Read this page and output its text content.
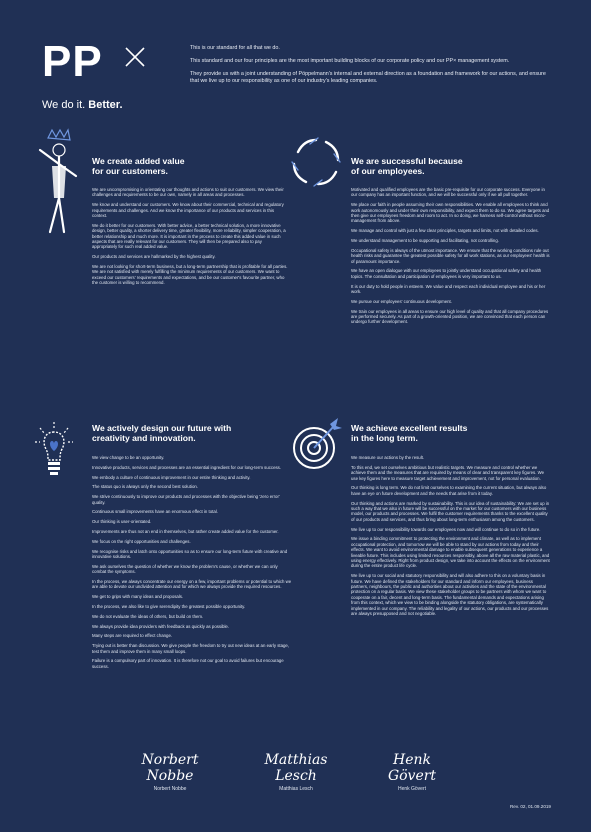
PP
We do it. Better.

This is our standard for all that we do.

This standard and our four principles are the most important building blocks of our corporate policy and our PP× management system.

They provide us with a joint understanding of Pöppelmann's internal and external direction as a foundation and framework for our actions, and ensure that we live up to our responsibility as one of our industry's leading companies.

We create added value
for our customers.

We are uncompromising in orientating our thoughts and actions to suit our customers. We view their challenges and requirements to be our own, namely in all areas and processes.

We know and understand our customers. We know about their commercial, technical and regulatory requirements and challenges. And we know the importance of our products and services in this context.

We do it better for our customers. With better advice, a better technical solution, a more innovative design, better quality, a shorter delivery time, greater flexibility, more reliability, simpler cooperation, a better relationship and much more. It is important in the process to create this added value in such aspects that are really relevant for our customers. They will then be prepared also to pay appropriately for such real added value.

Our products and services are hallmarked by the highest quality.

We are not looking for short-term business, but a long-term partnership that is profitable for all parties. We are not satisfied with merely fulfilling the minimum requirements of our customers. We want to exceed our customers' requirements and expectations, and be our customer's favourite partner, who the customer is willing to recommend.

We are successful because
of our employees.

Motivated and qualified employees are the basic pre-requisite for our corporate success. Everyone in our company has an important function, and we will be successful only if we all pull together.

We place our faith in people assuming their own responsibilities. We enable all employees to think and work autonomously and under their own responsibility, and expect them to do so. We agree targets and then give our employees freedom and room to act. In so doing, we harness self-control without micro-management from above.

We manage and control with just a few clear principles, targets and limits, not with detailed codes.

We understand management to be supporting and facilitating, not controlling.

Occupational safety is always of the utmost importance. We ensure that the working conditions rule out health risks and guarantee the greatest possible safety for all work stations, as our employees' health is of paramount importance.

We have an open dialogue with our employees to jointly understand occupational safety and health topics. The consultation and participation of employees is very important to us.

It is our duty to hold people in esteem. We value and respect each individual employee and his or her work.

We pursue our employees' continuous development.

We train our employees in all areas to ensure our high level of quality and that all company procedures are performed securely. As part of a growth-oriented position, we are convinced that each person can undergo further development.

We actively design our future with
creativity and innovation.

We view change to be an opportunity.

Innovative products, services and processes are an essential ingredient for our long-term success.

We embody a culture of continuous improvement in our entire thinking and activity.

The status quo is always only the second best solution.

We strive continuously to improve our products and processes with the objective being 'zero error' quality.

Continuous small improvements have an enormous effect in total.

Our thinking is user-orientated.

Improvements are thus not an end in themselves, but rather create added value for the customer.

We focus on the right opportunities and challenges.

We recognise risks and latch onto opportunities so as to ensure our long-term future with creative and innovative solutions.

We ask ourselves the question of whether we know the problem's cause, or whether we can only combat the symptoms.

In the process, we always concentrate our energy on a few, important problems or potential to which we are able to devote our undivided attention and for which we always provide the required resources.

We get to grips with many ideas and proposals.

In the process, we also like to give serendipity the greatest possible opportunity.

We do not evaluate the ideas of others, but build on them.

We always provide idea providers with feedback as quickly as possible.

Many steps are required to effect change.

Trying out is better than discussion. We give people the freedom to try out new ideas at an early stage, test them and improve them in many small loops.

Failure is a compulsory part of innovation. It is therefore not our goal to avoid failures but encourage success.

We achieve excellent results
in the long term.

We measure our actions by the result.

To this end, we set ourselves ambitious but realistic targets. We measure and control whether we achieve them and the measures that are required by means of clear and transparent key figures. We use key figures here to measure target achievement and improvement, not for personal evaluation.

Our thinking is long term. We do not limit ourselves to examining the current situation, but always also have an eye on future development and the needs that arise from it today.

Our thinking and actions are marked by sustainability. This is our idea of sustainability: We are set up in such a way that we also in future will be successful on the market for our customers with our business model, our products and processes. We fulfil the customer requirements thanks to the excellent quality of our products and services, and thus bring about long-term enthusiasm among the customers.

We live up to our responsibility towards our employees now and will continue to do so in the future.

We issue a binding commitment to protecting the environment and climate, as well as to implement occupational protection, and tomorrow we will be able to stand by our actions from today and their effects. We want to avoid environmental damage to enable subsequent generations to experience a liveable future. This includes using limited resources responsibly, above all the raw material plastic, and using energy effectively. Right from product design, we take into account the effects on the environment during the entire product life cycle.

We live up to our social and statutory responsibility and will also adhere to this on a voluntary basis in future. We have defined the stakeholders for our standard and inform our employees, business partners, neighbours, the public and authorities about our activities and the state of the environmental protection on a regular basis. We view these stakeholder groups to be partners with whom we want to cooperate on a fair, decent and long-term basis. The fundamental demands and expectations arising from this context, which we view to be binding alongside the statutory obligations, are systematically implemented in our company. The reliability and legality of our actions, our products and our processes are always presupposed and not negotiable.

Norbert Nobbe
Norbert Nobbe
Matthias Lesch
Matthias Lesch
Henk Gövert
Henk Gövert
Rev. 02, 01.09.2019
